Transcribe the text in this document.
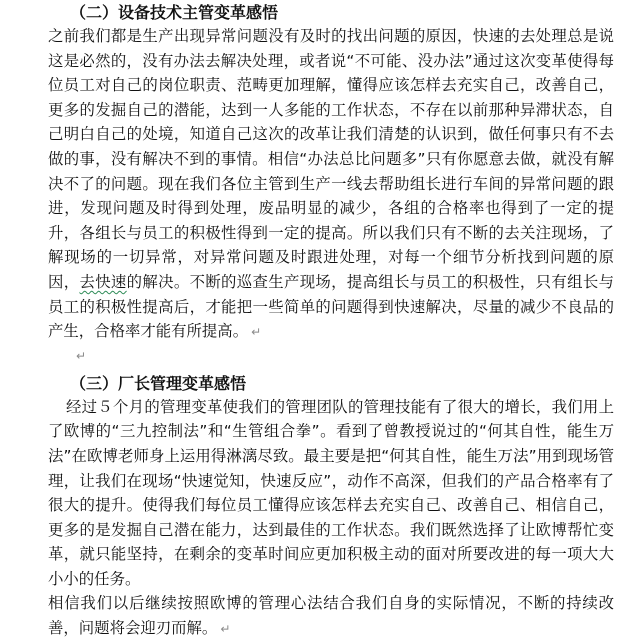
（二）设备技术主管变革感悟

之前我们都是生产出现异常问题没有及时的找出问题的原因，快速的去处理总是说这是必然的，没有办法去解决处理，或者说“不可能、没办法”通过这次变革使得每位员工对自己的岗位职责、范畴更加理解，懂得应该怎样去充实自己，改善自己，更多的发掘自己的潜能，达到一人多能的工作状态，不存在以前那种异滞状态，自己明白自己的处境，知道自己这次的改革让我们清楚的认识到，做任何事只有不去做的事，没有解决不到的事情。相信“办法总比问题多”只有你愿意去做，就没有解决不了的问题。现在我们各位主管到生产一线去帮助组长进行车间的异常问题的跟进，发现问题及时得到处理，废品明显的减少，各组的合格率也得到了一定的提升，各组长与员工的积极性得到一定的提高。所以我们只有不断的去关注现场，了解现场的一切异常，对异常问题及时跟进处理，对每一个细节分析找到问题的原因，去快速的解决。不断的巡查生产现场，提高组长与员工的积极性，只有组长与员工的积极性提高后，才能把一些简单的问题得到快速解决，尽量的减少不良品的产生，合格率才能有所提高。 ↵

↵

（三）厂长管理变革感悟

经过５个月的管理变革使我们的管理团队的管理技能有了很大的增长，我们用上了欧博的“三九控制法”和“生管组合拳”。看到了曾教授说过的“何其自性，能生万法”在欧博老师身上运用得淋漓尽致。最主要是把“何其自性，能生万法”用到现场管理，让我们在现场“快速觉知，快速反应”，动作不高深，但我们的产品合格率有了很大的提升。使得我们每位员工懂得应该怎样去充实自己、改善自己、相信自己，更多的是发掘自己潜在能力，达到最佳的工作状态。我们既然选择了让欧博帮忙变革，就只能坚持，在剩余的变革时间应更加积极主动的面对所要改进的每一项大大小小的任务。

相信我们以后继续按照欧博的管理心法结合我们自身的实际情况，不断的持续改善，问题将会迎刃而解。 ↵
